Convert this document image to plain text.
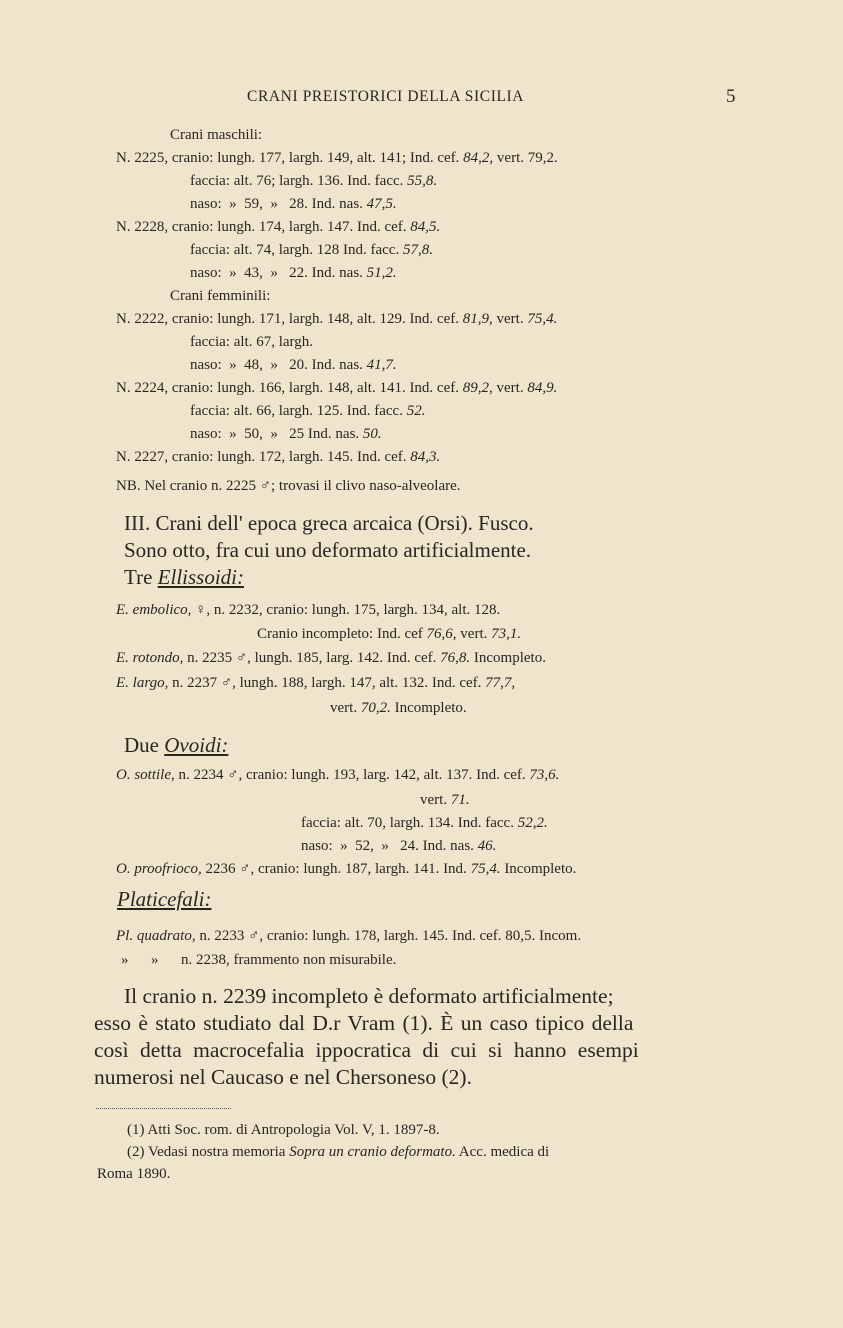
CRANI PREISTORICI DELLA SICILIA	5
Crani maschili:
N. 2225, cranio: lungh. 177, largh. 149, alt. 141; Ind. cef. 84,2, vert. 79,2.
faccia: alt. 76; largh. 136. Ind. facc. 55,8.
naso:  »  59,  »   28. Ind. nas. 47,5.
N. 2228, cranio: lungh. 174, largh. 147. Ind. cef. 84,5.
faccia: alt. 74, largh. 128 Ind. facc. 57,8.
naso:  »  43,  »   22. Ind. nas. 51,2.
Crani femminili:
N. 2222, cranio: lungh. 171, largh. 148, alt. 129. Ind. cef. 81,9, vert. 75,4.
faccia: alt. 67, largh.
naso:  »  48,  »   20. Ind. nas. 41,7.
N. 2224, cranio: lungh. 166, largh. 148, alt. 141. Ind. cef. 89,2, vert. 84,9.
faccia: alt. 66, largh. 125. Ind. facc. 52.
naso:  »  50,  »   25 Ind. nas. 50.
N. 2227, cranio: lungh. 172, largh. 145. Ind. cef. 84,3.
NB. Nel cranio n. 2225 ♂; trovasi il clivo naso-alveolare.
III. Crani dell' epoca greca arcaica (Orsi). Fusco.
Sono otto, fra cui uno deformato artificialmente.
Tre Ellissoidi:
E. embolico, ♀, n. 2232, cranio: lungh. 175, largh. 134, alt. 128.
Cranio incompleto: Ind. cef 76,6, vert. 73,1.
E. rotondo, n. 2235 ♂, lungh. 185, larg. 142. Ind. cef. 76,8. Incompleto.
E. largo, n. 2237 ♂, lungh. 188, largh. 147, alt. 132. Ind. cef. 77,7,
vert. 70,2. Incompleto.
Due Ovoidi:
O. sottile, n. 2234 ♂, cranio: lungh. 193, larg. 142, alt. 137. Ind. cef. 73,6.
vert. 71.
faccia: alt. 70, largh. 134. Ind. facc. 52,2.
naso:  »  52,  »   24. Ind. nas. 46.
O. proofrioco, 2236 ♂, cranio: lungh. 187, largh. 141. Ind. 75,4. Incompleto.
Platicefali:
Pl. quadrato, n. 2233 ♂, cranio: lungh. 178, largh. 145. Ind. cef. 80,5. Incom.
»      »      n. 2238, frammento non misurabile.
Il cranio n. 2239 incompleto è deformato artificialmente;
esso è stato studiato dal D.r Vram (1). È un caso tipico della
così detta macrocefalia ippocratica di cui si hanno esempi
numerosi nel Caucaso e nel Chersoneso (2).
(1) Atti Soc. rom. di Antropologia Vol. V, 1. 1897-8.
(2) Vedasi nostra memoria Sopra un cranio deformato. Acc. medica di
Roma 1890.
